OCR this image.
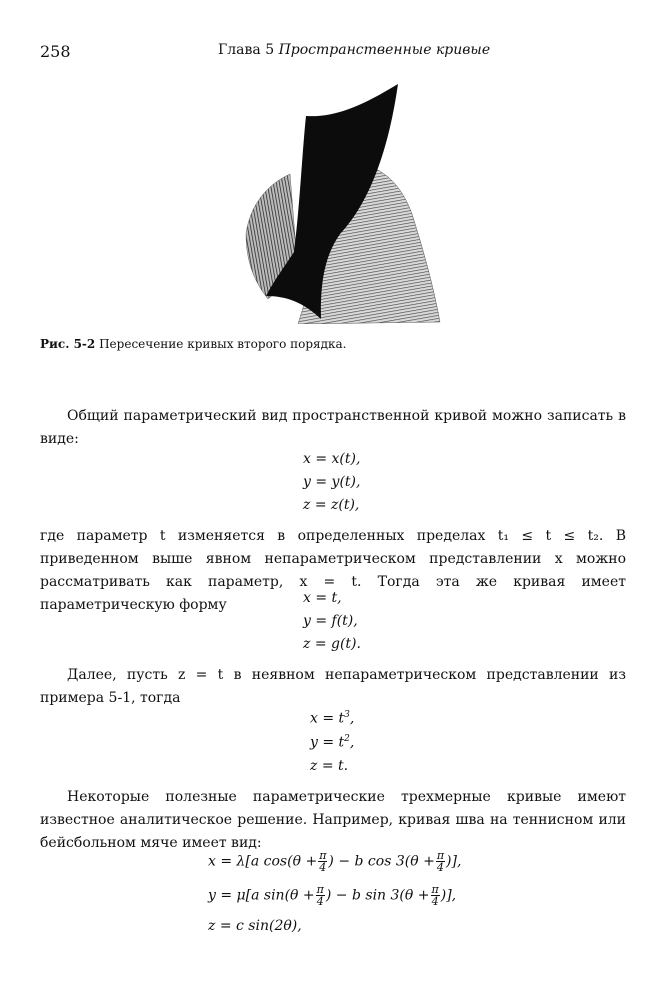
258	Глава 5 Пространственные кривые
Рис. 5-2 Пересечение кривых второго порядка.
Общий параметрический вид пространственной кривой можно записать в виде:
x = x(t),
y = y(t),
z = z(t),
где параметр t изменяется в определенных пределах t₁ ≤ t ≤ t₂. В приведенном выше явном непараметрическом представлении x можно рассматривать как параметр, x = t. Тогда эта же кривая имеет параметрическую форму	x = t,
y = f(t),
z = g(t).
Далее, пусть z = t в неявном непараметрическом представлении из примера 5-1, тогда
$x = t^3$,
$y = t^2$,
z = t.
Некоторые полезные параметрические трехмерные кривые имеют известное аналитическое решение. Например, кривая шва на теннисном или бейсбольном мяче имеет вид:
x = λ[a $\cos(\theta + \frac{\pi}{4}$ ) − b $\cos 3(\theta + \frac{\pi}{4}$ )],
y = μ[a $\sin(\theta + \frac{\pi}{4}$ ) − b $\sin 3(\theta + \frac{\pi}{4}$ )],
z = c sin(2θ),
